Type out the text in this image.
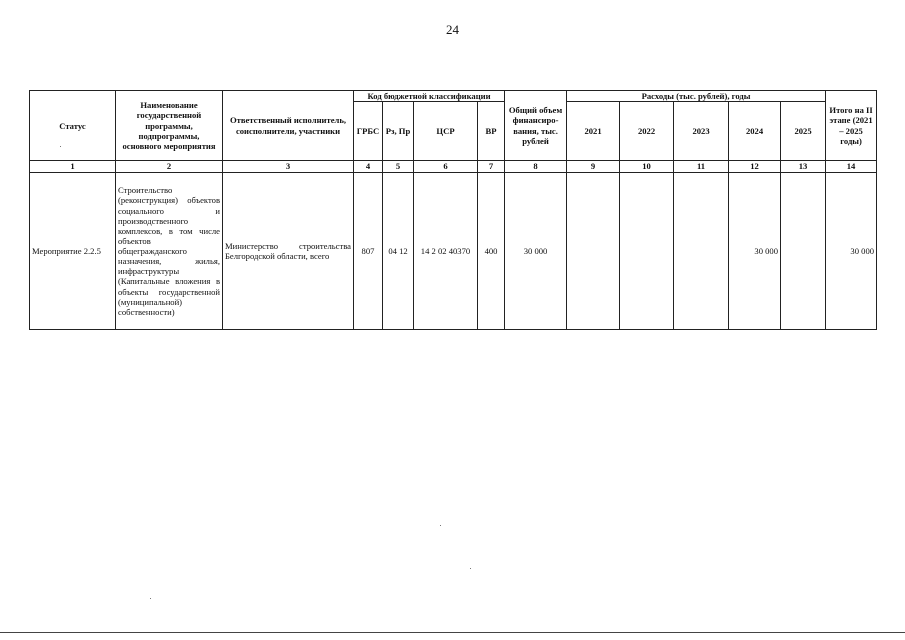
24
Статус	Наименование государственной программы, подпрограммы, основного мероприятия	Ответственный исполнитель, соисполнители, участники	Код бюджетной классификации				Общий объем финансиро-вания, тыс. рублей	Расходы (тыс. рублей), годы					Итого на II этапе (2021 – 2025 годы)
			ГРБС	Рз, Пр	ЦСР	ВР		2021	2022	2023	2024	2025	
1	2	3	4	5	6	7	8	9	10	11	12	13	14
Мероприятие 2.2.5	Строительство (реконструкция) объектов социального и производственного комплексов, в том числе объектов общегражданского назначения, жилья, инфраструктуры (Капитальные вложения в объекты государственной (муниципальной) собственности)	Министерство строительства Белгородской области, всего	807	04 12	14 2 02 40370	400	30 000				30 000		30 000
